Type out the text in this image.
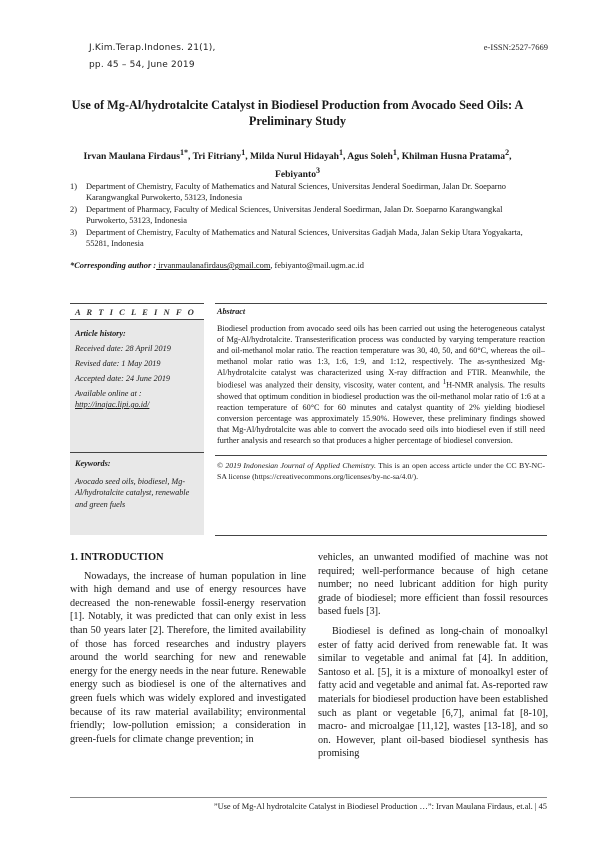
J.Kim.Terap.Indones. 21(1),
pp. 45 – 54, June 2019
e-ISSN:2527-7669
Use of Mg-Al/hydrotalcite Catalyst in Biodiesel Production from Avocado Seed Oils: A Preliminary Study
Irvan Maulana Firdaus$^{1*}$, Tri Fitriany$^1$, Milda Nurul Hidayah$^1$, Agus Soleh$^1$, Khilman Husna Pratama$^2$, Febiyanto$^3$
1) Department of Chemistry, Faculty of Mathematics and Natural Sciences, Universitas Jenderal Soedirman, Jalan Dr. Soeparno Karangwangkal Purwokerto, 53123, Indonesia
2) Department of Pharmacy, Faculty of Medical Sciences, Universitas Jenderal Soedirman, Jalan Dr. Soeparno Karangwangkal Purwokerto, 53123, Indonesia
3) Department of Chemistry, Faculty of Mathematics and Natural Sciences, Universitas Gadjah Mada, Jalan Sekip Utara Yogyakarta, 55281, Indonesia
*Corresponding author : irvanmaulanafirdaus@gmail.com, febiyanto@mail.ugm.ac.id
A R T I C L E I N F O
Article history:
Received date: 28 April 2019
Revised date: 1 May 2019
Accepted date: 24 June 2019
Available online at :
http://inajac.lipi.go.id/
Keywords:
Avocado seed oils, biodiesel, Mg-Al/hydrotalcite catalyst, renewable and green fuels
Abstract
Biodiesel production from avocado seed oils has been carried out using the heterogeneous catalyst of Mg-Al/hydrotalcite. Transesterification process was conducted by varying temperature reaction and oil-methanol molar ratio. The reaction temperature was 30, 40, 50, and 60°C, whereas the oil–methanol molar ratio was 1:3, 1:6, 1:9, and 1:12, respectively. The as-synthesized Mg-Al/hydrotalcite catalyst was characterized using X-ray diffraction and FTIR. Meanwhile, the biodiesel was analyzed their density, viscosity, water content, and $^1$H-NMR analysis. The results showed that optimum condition in biodiesel production was the oil-methanol molar ratio of 1:6 at a reaction temperature of 60°C for 60 minutes and catalyst quantity of 2% yielding biodiesel conversion percentage was approximately 15.90%. However, these preliminary findings showed that Mg-Al/hydrotalcite was able to convert the avocado seed oils into biodiesel even if still need further analysis and research so that produces a higher percentage of biodiesel conversion.
© 2019 Indonesian Journal of Applied Chemistry. This is an open access article under the CC BY-NC-SA license (https://creativecommons.org/licenses/by-nc-sa/4.0/).
1. INTRODUCTION

Nowadays, the increase of human population in line with high demand and use of energy resources have decreased the non-renewable fossil-energy reservation [1]. Notably, it was predicted that can only exist in less than 50 years later [2]. Therefore, the limited availability of those has forced researches and industry players around the world searching for new and renewable energy for the energy needs in the near future. Renewable energy such as biodiesel is one of the alternatives and green fuels which was widely explored and investigated because of its raw material availability; environmental friendly; low-pollution emission; a consideration in green-fuels for climate change prevention; in

vehicles, an unwanted modified of machine was not required; well-performance because of high cetane number; no need lubricant addition for high purity grade of biodiesel; more efficient than fossil resources based fuels [3].

Biodiesel is defined as long-chain of monoalkyl ester of fatty acid derived from renewable fat. It was similar to vegetable and animal fat [4]. In addition, Santoso et al. [5], it is a mixture of monoalkyl ester of fatty acid and vegetable and animal fat. As-reported raw materials for biodiesel production have been established such as plant or vegetable [6,7], animal fat [8-10], macro- and microalgae [11,12], wastes [13-18], and so on. However, plant oil-based biodiesel synthesis has promising

”Use of Mg-Al hydrotalcite Catalyst in Biodiesel Production …”: Irvan Maulana Firdaus, et.al. | 45
